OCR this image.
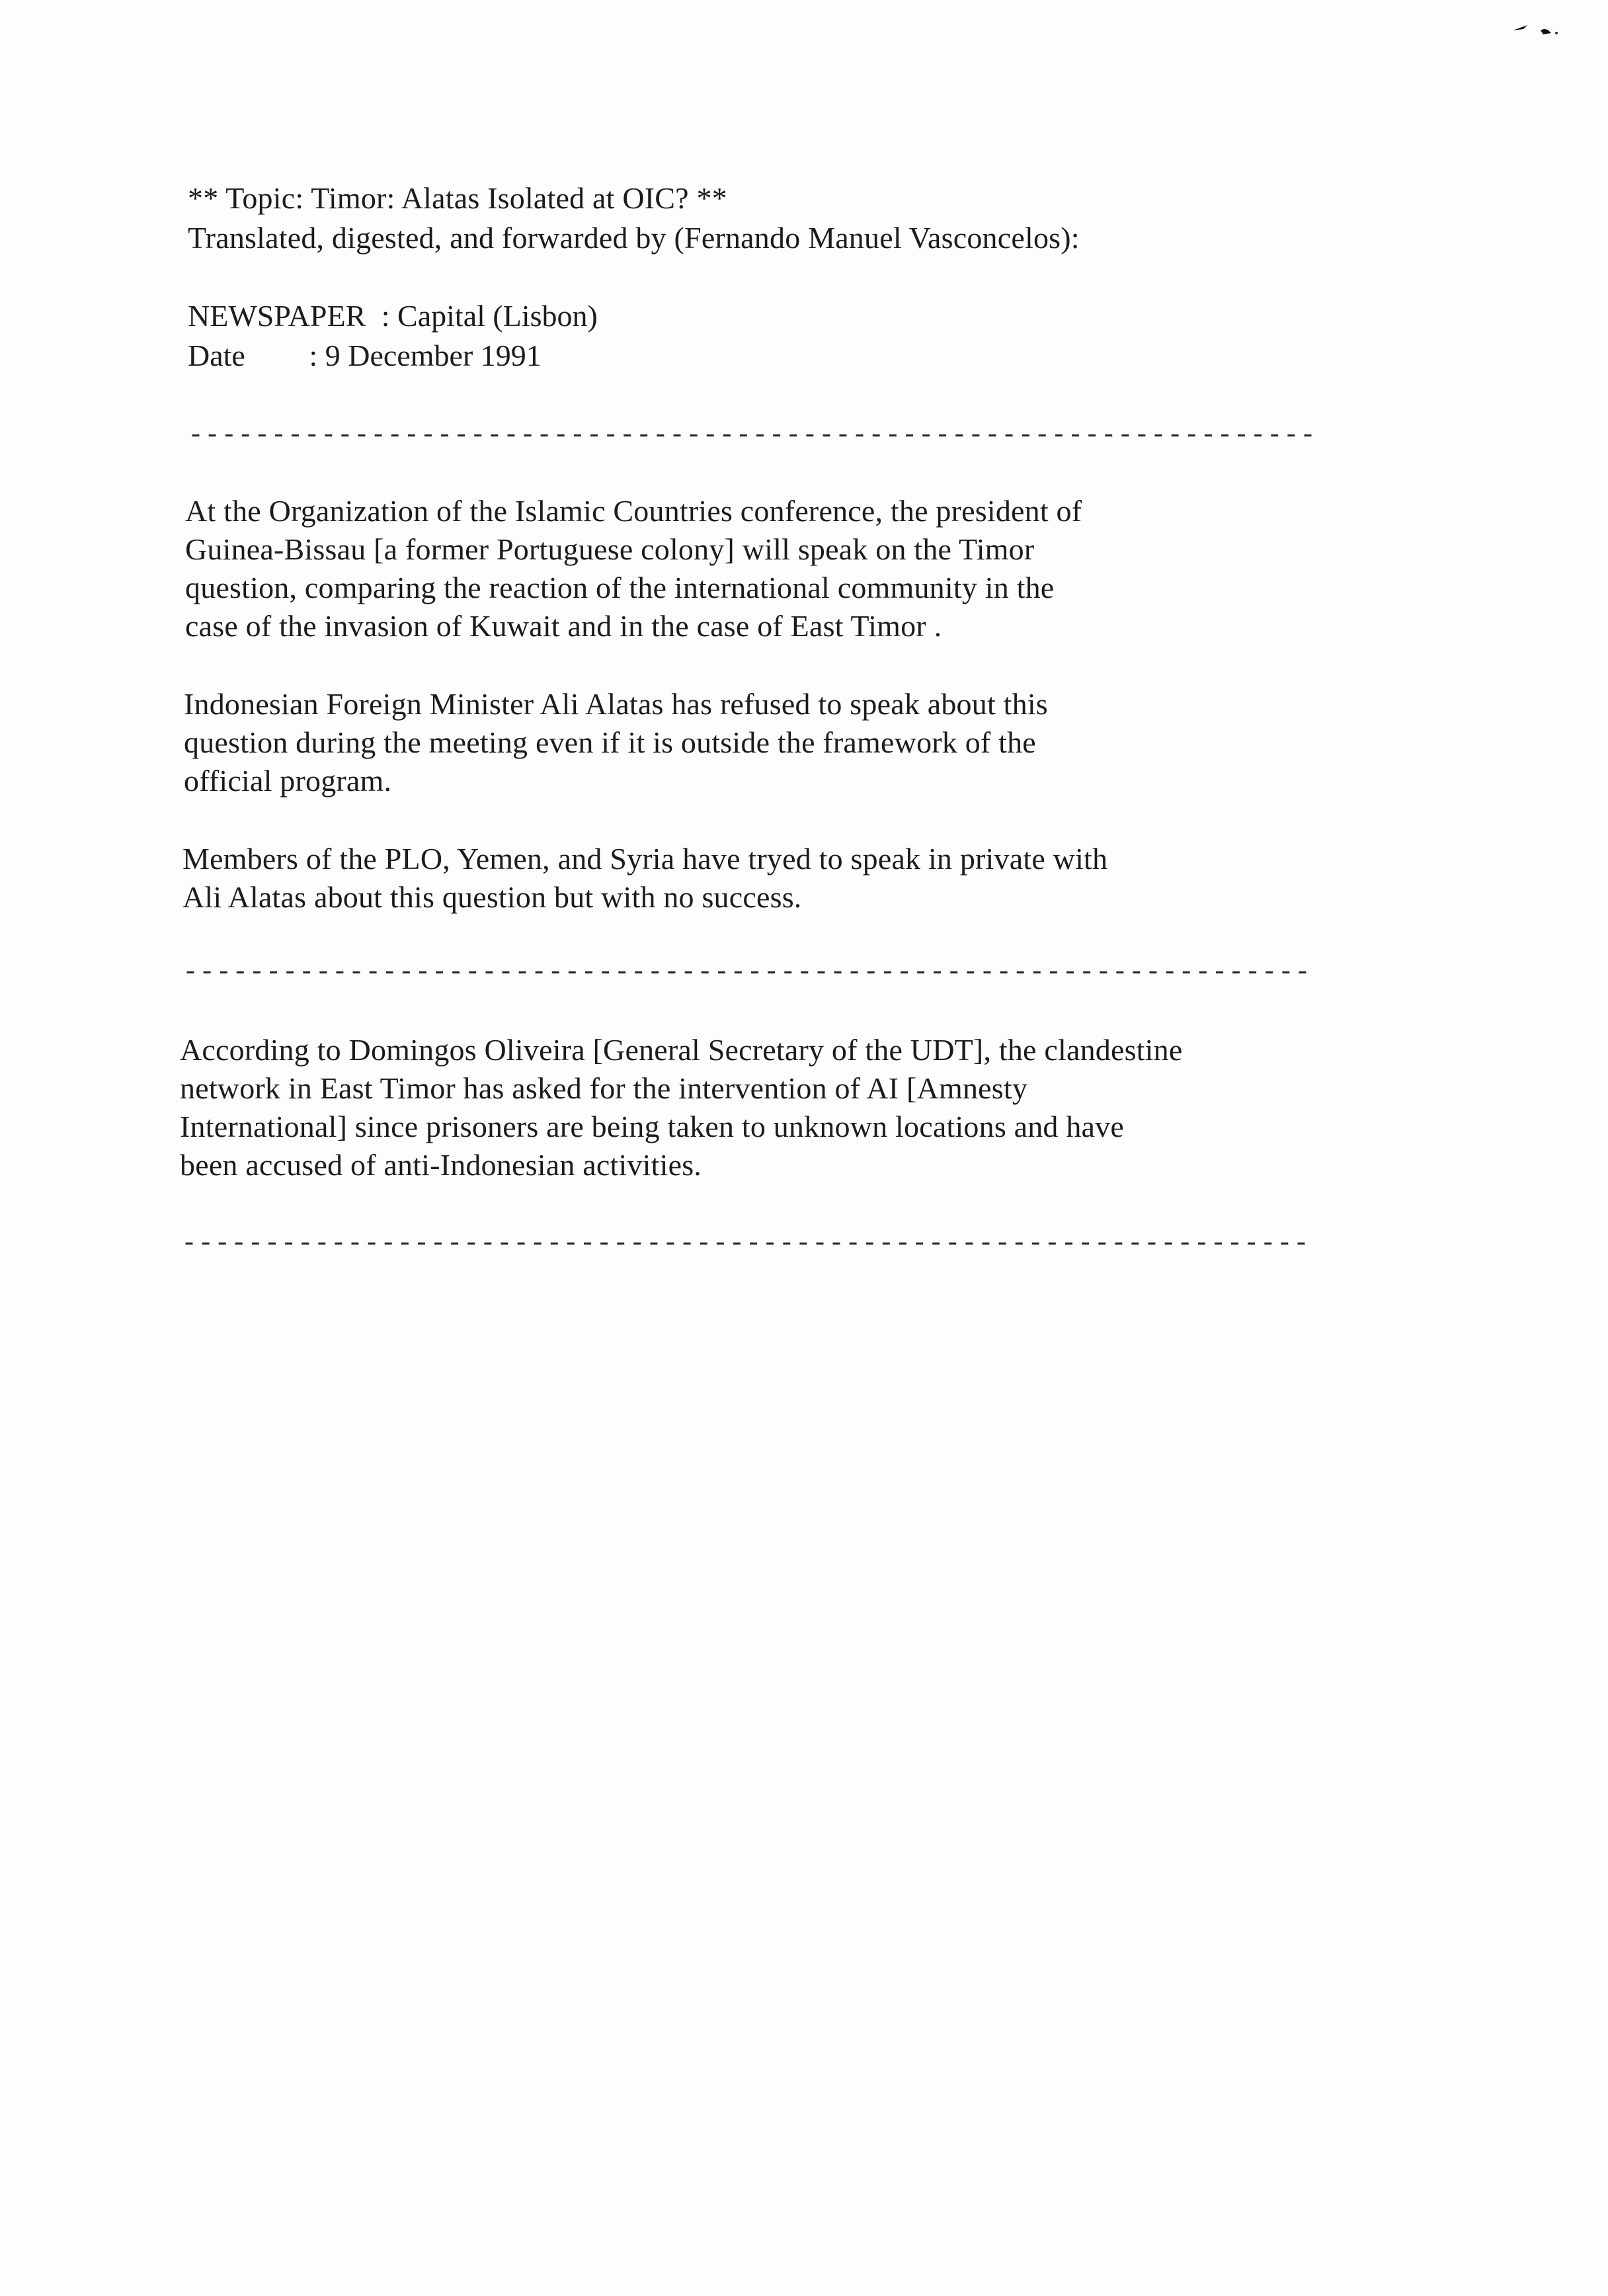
** Topic: Timor: Alatas Isolated at OIC? **
Translated, digested, and forwarded by (Fernando Manuel Vasconcelos):
NEWSPAPER : Capital (Lisbon)
Date : 9 December 1991
--------------------------------------------------------------------
At the Organization of the Islamic Countries conference, the president of
Guinea-Bissau [a former Portuguese colony] will speak on the Timor
question, comparing the reaction of the international community in the
case of the invasion of Kuwait and in the case of East Timor .
Indonesian Foreign Minister Ali Alatas has refused to speak about this
question during the meeting even if it is outside the framework of the
official program.
Members of the PLO, Yemen, and Syria have tryed to speak in private with
Ali Alatas about this question but with no success.
--------------------------------------------------------------------
According to Domingos Oliveira [General Secretary of the UDT], the clandestine
network in East Timor has asked for the intervention of AI [Amnesty
International] since prisoners are being taken to unknown locations and have
been accused of anti-Indonesian activities.
--------------------------------------------------------------------
